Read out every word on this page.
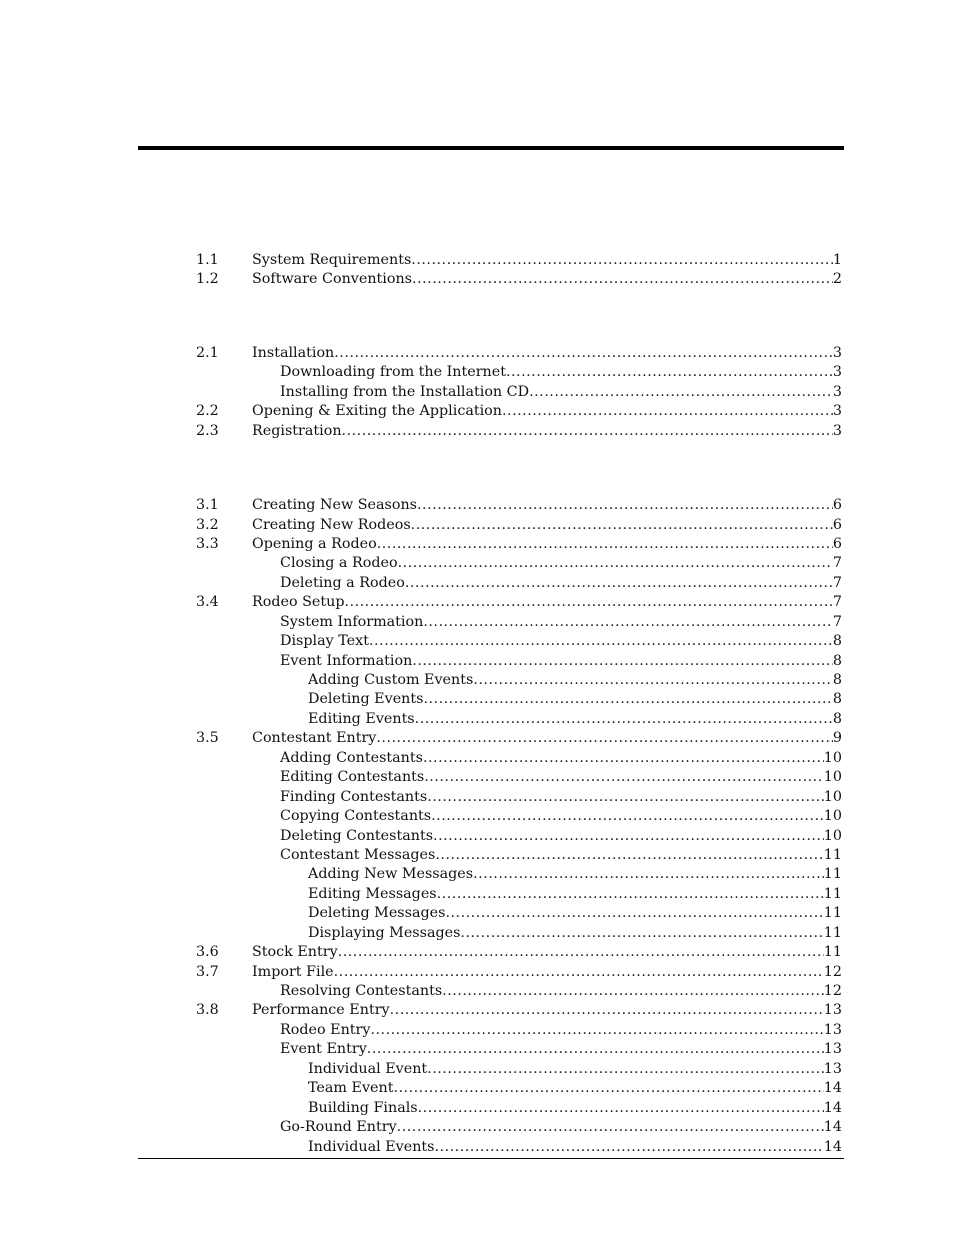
1.1 System Requirements .....	1
1.2 Software Conventions .....	2
2.1 Installation .....	3
Downloading from the Internet .....	3
Installing from the Installation CD .....	3
2.2 Opening & Exiting the Application .....	3
2.3 Registration .....	3
3.1 Creating New Seasons .....	6
3.2 Creating New Rodeos .....	6
3.3 Opening a Rodeo .....	6
Closing a Rodeo .....	7
Deleting a Rodeo .....	7
3.4 Rodeo Setup .....	7
System Information .....	7
Display Text .....	8
Event Information .....	8
Adding Custom Events .....	8
Deleting Events .....	8
Editing Events .....	8
3.5 Contestant Entry .....	9
Adding Contestants .....	10
Editing Contestants .....	10
Finding Contestants .....	10
Copying Contestants .....	10
Deleting Contestants .....	10
Contestant Messages .....	11
Adding New Messages .....	11
Editing Messages .....	11
Deleting Messages .....	11
Displaying Messages .....	11
3.6 Stock Entry .....	11
3.7 Import File .....	12
Resolving Contestants .....	12
3.8 Performance Entry .....	13
Rodeo Entry .....	13
Event Entry .....	13
Individual Event .....	13
Team Event .....	14
Building Finals .....	14
Go-Round Entry .....	14
Individual Events .....	14
